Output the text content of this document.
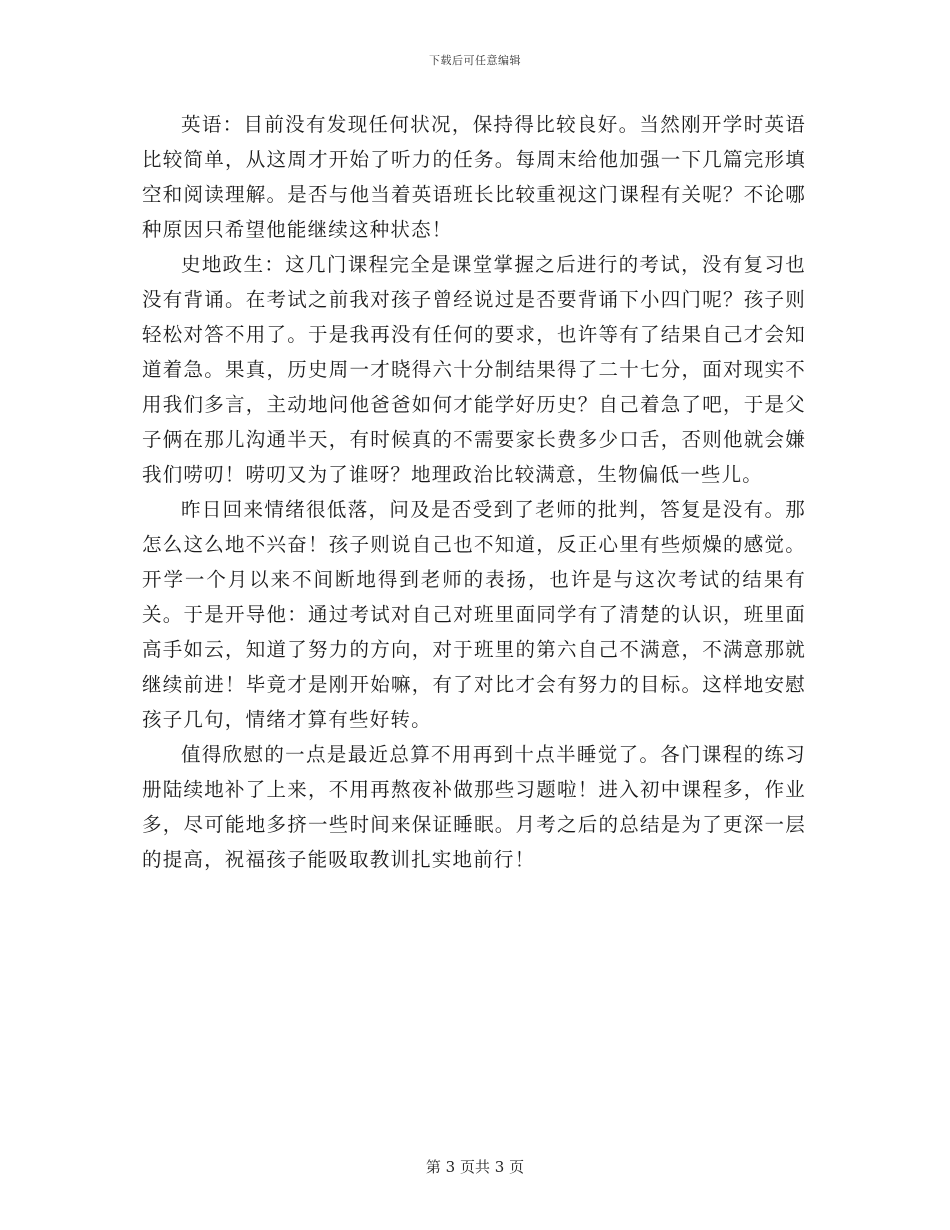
下载后可任意编辑

英语：目前没有发现任何状况，保持得比较良好。当然刚开学时英语比较简单，从这周才开始了听力的任务。每周末给他加强一下几篇完形填空和阅读理解。是否与他当着英语班长比较重视这门课程有关呢？不论哪种原因只希望他能继续这种状态！

史地政生：这几门课程完全是课堂掌握之后进行的考试，没有复习也没有背诵。在考试之前我对孩子曾经说过是否要背诵下小四门呢？孩子则轻松对答不用了。于是我再没有任何的要求，也许等有了结果自己才会知道着急。果真，历史周一才晓得六十分制结果得了二十七分，面对现实不用我们多言，主动地问他爸爸如何才能学好历史？自己着急了吧，于是父子俩在那儿沟通半天，有时候真的不需要家长费多少口舌，否则他就会嫌我们唠叨！唠叨又为了谁呀？地理政治比较满意，生物偏低一些儿。

昨日回来情绪很低落，问及是否受到了老师的批判，答复是没有。那怎么这么地不兴奋！孩子则说自己也不知道，反正心里有些烦燥的感觉。开学一个月以来不间断地得到老师的表扬，也许是与这次考试的结果有关。于是开导他：通过考试对自己对班里面同学有了清楚的认识，班里面高手如云，知道了努力的方向，对于班里的第六自己不满意，不满意那就继续前进！毕竟才是刚开始嘛，有了对比才会有努力的目标。这样地安慰孩子几句，情绪才算有些好转。

值得欣慰的一点是最近总算不用再到十点半睡觉了。各门课程的练习册陆续地补了上来，不用再熬夜补做那些习题啦！进入初中课程多，作业多，尽可能地多挤一些时间来保证睡眠。月考之后的总结是为了更深一层的提高，祝福孩子能吸取教训扎实地前行！

第 3 页共 3 页
